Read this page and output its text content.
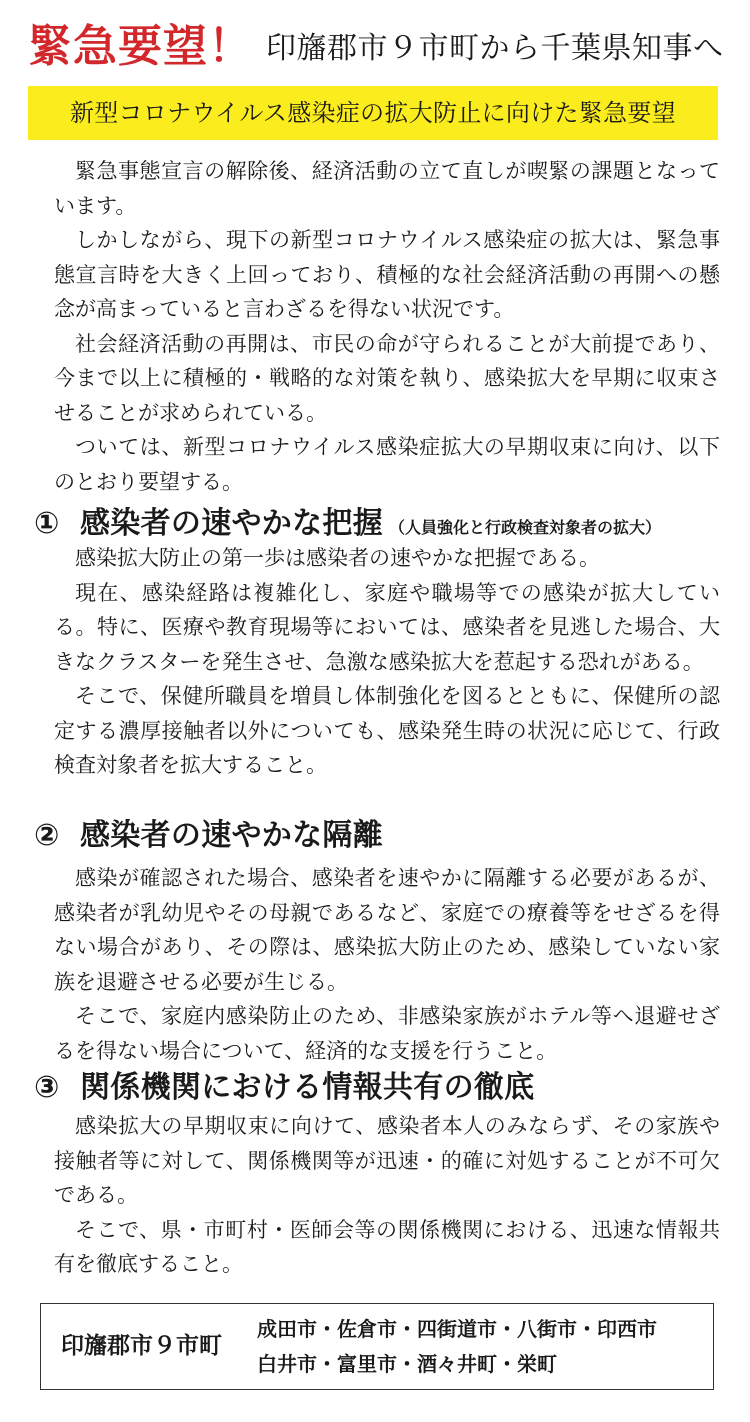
緊急要望！ 印旛郡市９市町から千葉県知事へ
新型コロナウイルス感染症の拡大防止に向けた緊急要望

緊急事態宣言の解除後、経済活動の立て直しが喫緊の課題となっています。

しかしながら、現下の新型コロナウイルス感染症の拡大は、緊急事態宣言時を大きく上回っており、積極的な社会経済活動の再開への懸念が高まっていると言わざるを得ない状況です。

社会経済活動の再開は、市民の命が守られることが大前提であり、今まで以上に積極的・戦略的な対策を執り、感染拡大を早期に収束させることが求められている。

ついては、新型コロナウイルス感染症拡大の早期収束に向け、以下のとおり要望する。

① 感染者の速やかな把握 （人員強化と行政検査対象者の拡大）

感染拡大防止の第一歩は感染者の速やかな把握である。

現在、感染経路は複雑化し、家庭や職場等での感染が拡大している。特に、医療や教育現場等においては、感染者を見逃した場合、大きなクラスターを発生させ、急激な感染拡大を惹起する恐れがある。

そこで、保健所職員を増員し体制強化を図るとともに、保健所の認定する濃厚接触者以外についても、感染発生時の状況に応じて、行政検査対象者を拡大すること。

② 感染者の速やかな隔離

感染が確認された場合、感染者を速やかに隔離する必要があるが、感染者が乳幼児やその母親であるなど、家庭での療養等をせざるを得ない場合があり、その際は、感染拡大防止のため、感染していない家族を退避させる必要が生じる。

そこで、家庭内感染防止のため、非感染家族がホテル等へ退避せざるを得ない場合について、経済的な支援を行うこと。

③ 関係機関における情報共有の徹底

感染拡大の早期収束に向けて、感染者本人のみならず、その家族や接触者等に対して、関係機関等が迅速・的確に対処することが不可欠である。

そこで、県・市町村・医師会等の関係機関における、迅速な情報共有を徹底すること。

印旛郡市９市町
成田市・佐倉市・四街道市・八街市・印西市
白井市・富里市・酒々井町・栄町
